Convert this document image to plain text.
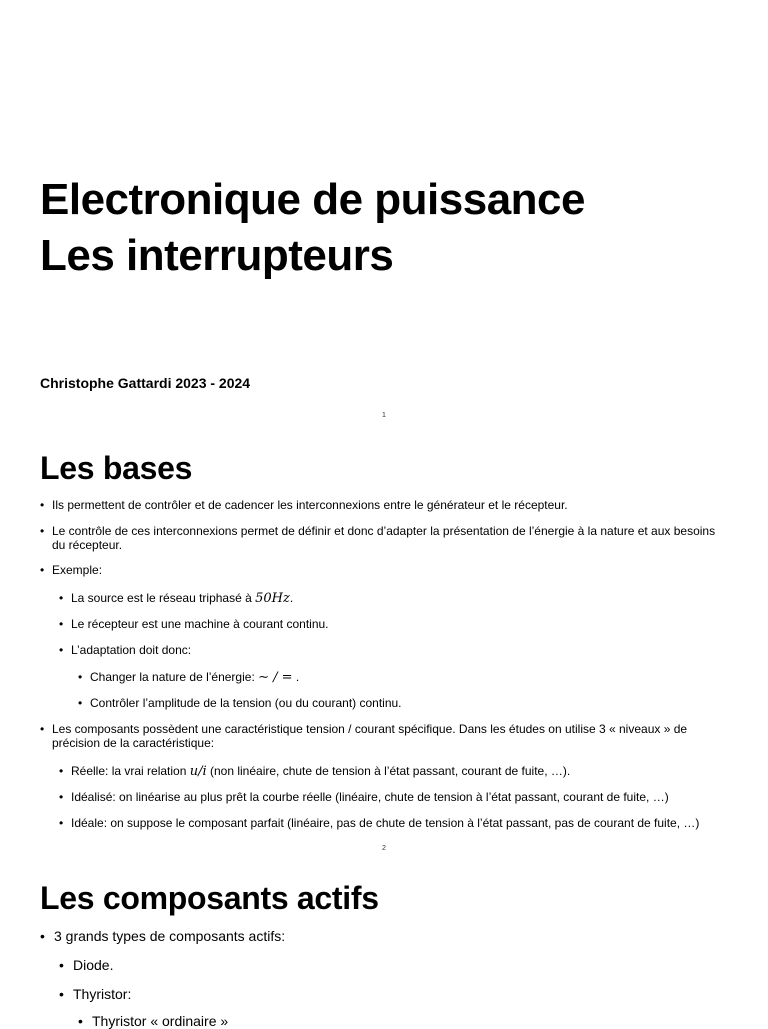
Electronique de puissance
Les interrupteurs
Christophe Gattardi 2023 - 2024
1
Les bases
• Ils permettent de contrôler et de cadencer les interconnexions entre le générateur et le récepteur.
• Le contrôle de ces interconnexions permet de définir et donc d’adapter la présentation de l’énergie à la nature et aux besoins du récepteur.
• Exemple:
• La source est le réseau triphasé à 50Hz.
• Le récepteur est une machine à courant continu.
• L’adaptation doit donc:
• Changer la nature de l’énergie: ∼ / = .
• Contrôler l’amplitude de la tension (ou du courant) continu.
• Les composants possèdent une caractéristique tension / courant spécifique. Dans les études on utilise 3 « niveaux » de précision de la caractéristique:
• Réelle: la vrai relation u/i (non linéaire, chute de tension à l’état passant, courant de fuite, …).
• Idéalisé: on linéarise au plus prêt la courbe réelle (linéaire, chute de tension à l’état passant, courant de fuite, …)
• Idéale: on suppose le composant parfait (linéaire, pas de chute de tension à l’état passant, pas de courant de fuite, …)
2
Les composants actifs
• 3 grands types de composants actifs:
• Diode.
• Thyristor:
• Thyristor « ordinaire »
